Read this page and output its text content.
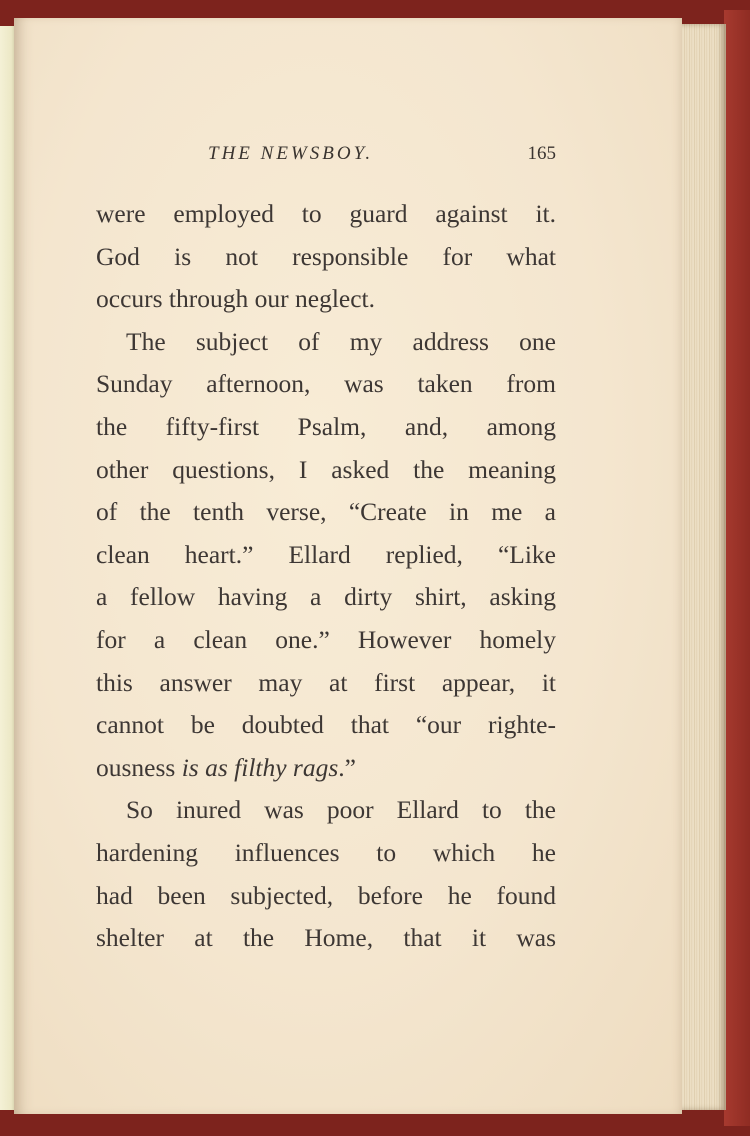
THE NEWSBOY.	165
were employed to guard against it.
God is not responsible for what
occurs through our neglect.
The subject of my address one
Sunday afternoon, was taken from
the fifty-first Psalm, and, among
other questions, I asked the meaning
of the tenth verse, “Create in me a
clean heart.” Ellard replied, “Like
a fellow having a dirty shirt, asking
for a clean one.” However homely
this answer may at first appear, it
cannot be doubted that “our righte-
ousness is as filthy rags.”
So inured was poor Ellard to the
hardening influences to which he
had been subjected, before he found
shelter at the Home, that it was
